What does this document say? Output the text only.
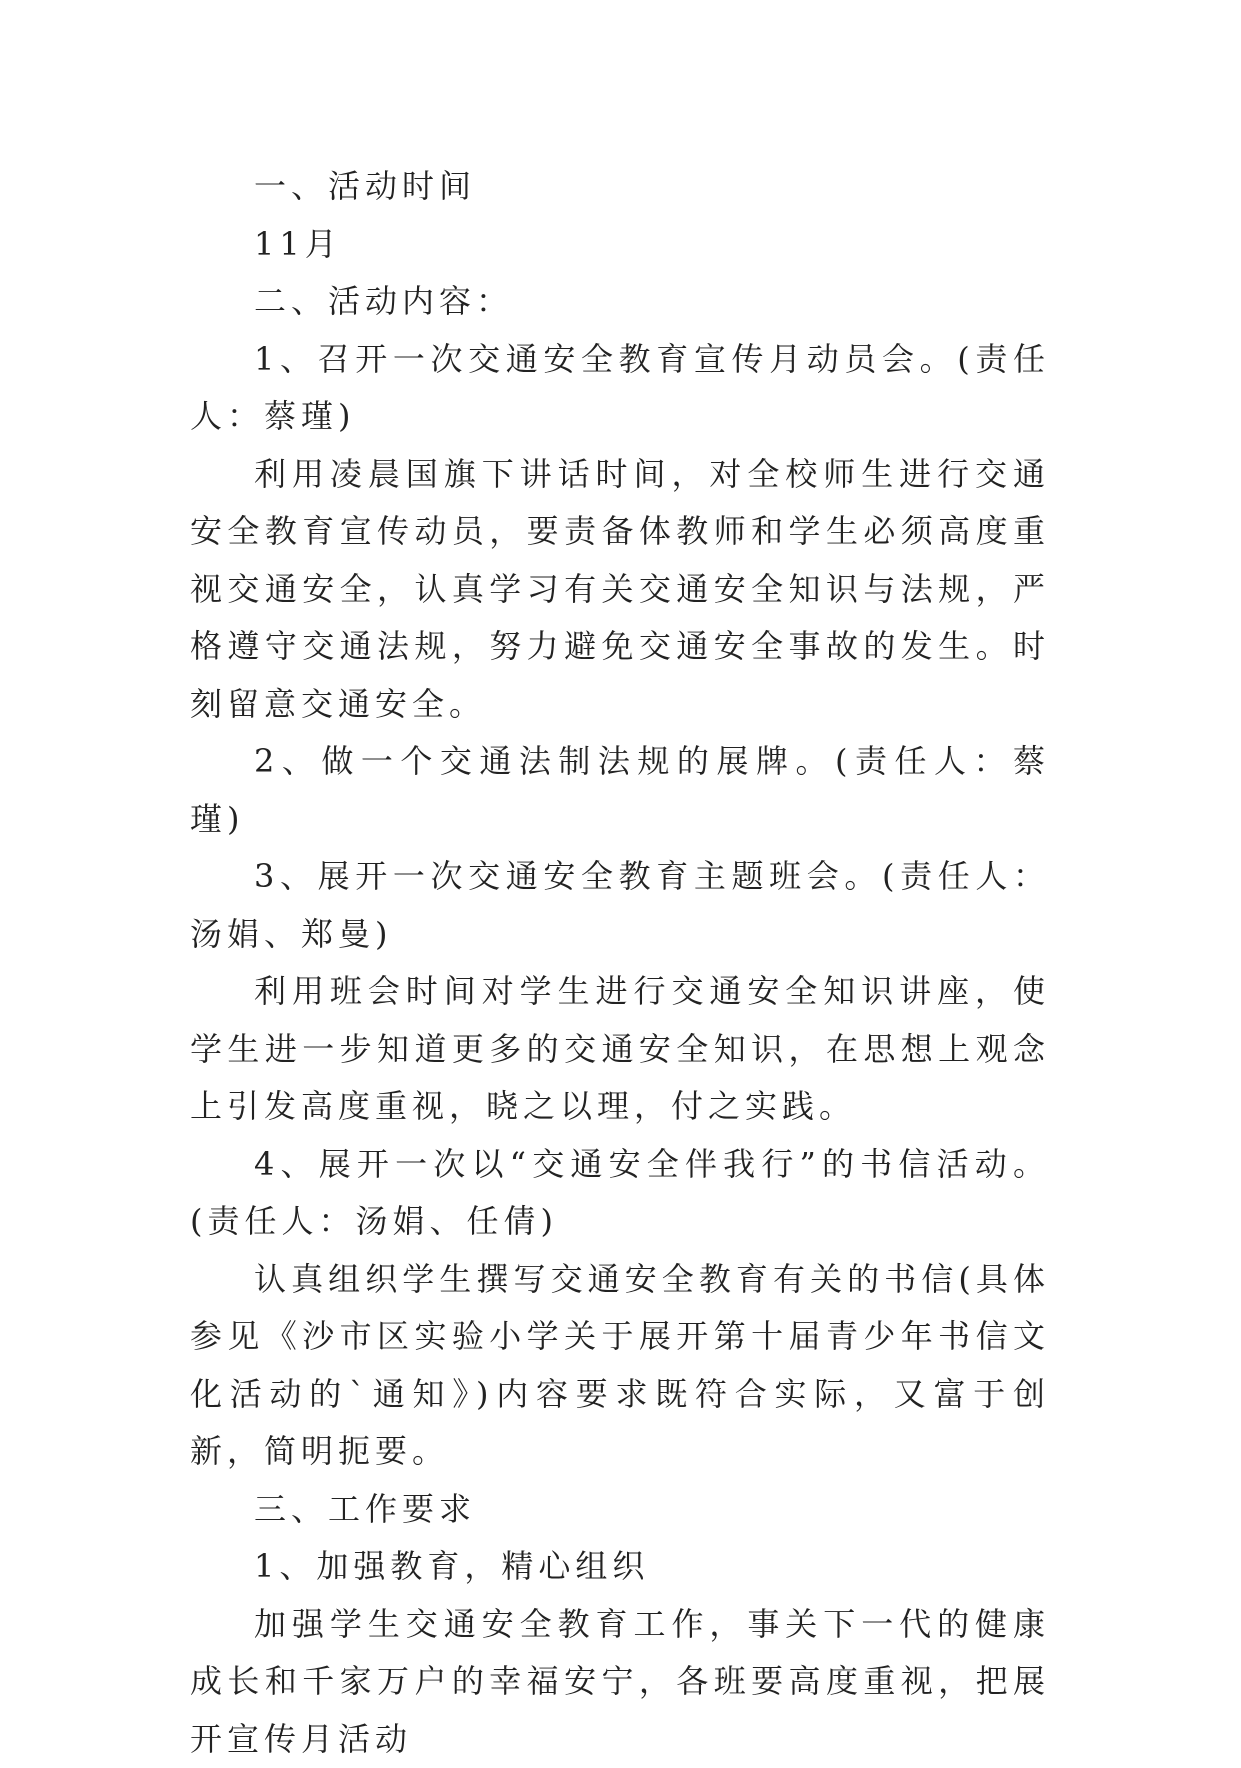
一、活动时间

11月

二、活动内容：

1、召开一次交通安全教育宣传月动员会。(责任人：蔡瑾)

利用凌晨国旗下讲话时间，对全校师生进行交通安全教育宣传动员，要责备体教师和学生必须高度重视交通安全，认真学习有关交通安全知识与法规，严格遵守交通法规，努力避免交通安全事故的发生。时刻留意交通安全。

2、做一个交通法制法规的展牌。(责任人：蔡瑾)

3、展开一次交通安全教育主题班会。(责任人：汤娟、郑曼)

利用班会时间对学生进行交通安全知识讲座，使学生进一步知道更多的交通安全知识，在思想上观念上引发高度重视，晓之以理，付之实践。

4、展开一次以“交通安全伴我行”的书信活动。(责任人：汤娟、任倩)

认真组织学生撰写交通安全教育有关的书信(具体参见《沙市区实验小学关于展开第十届青少年书信文化活动的`通知》)内容要求既符合实际，又富于创新，简明扼要。

三、工作要求

1、加强教育，精心组织

加强学生交通安全教育工作，事关下一代的健康成长和千家万户的幸福安宁，各班要高度重视，把展开宣传月活动
